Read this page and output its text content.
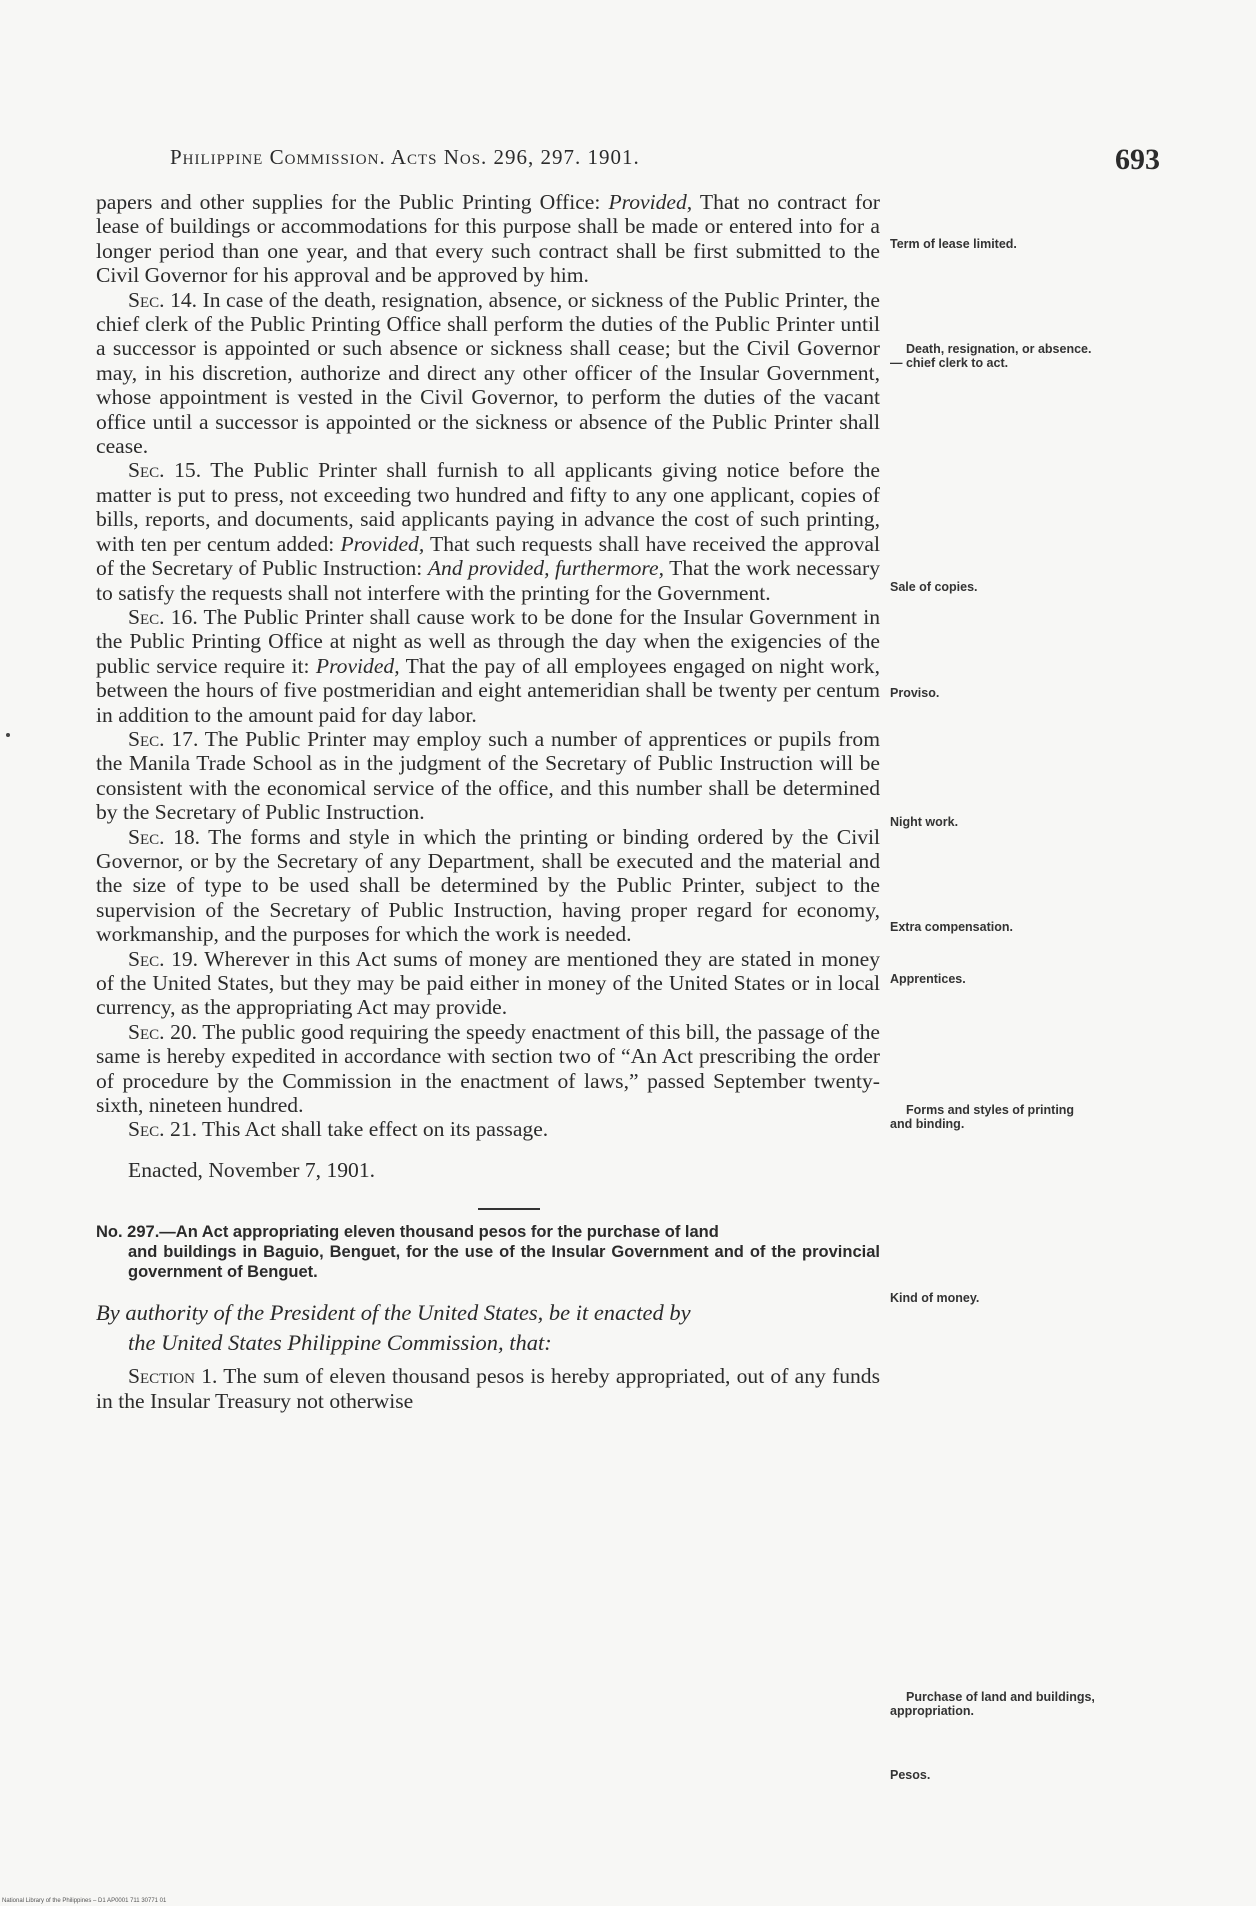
Philippine Commission. Acts Nos. 296, 297. 1901.	693

papers and other supplies for the Public Printing Office: Provided, That no contract for lease of buildings or accommodations for this purpose shall be made or entered into for a longer period than one year, and that every such contract shall be first submitted to the Civil Governor for his approval and be approved by him.

Sec. 14. In case of the death, resignation, absence, or sickness of the Public Printer, the chief clerk of the Public Printing Office shall perform the duties of the Public Printer until a successor is appointed or such absence or sickness shall cease; but the Civil Governor may, in his discretion, authorize and direct any other officer of the Insular Government, whose appointment is vested in the Civil Governor, to perform the duties of the vacant office until a successor is appointed or the sickness or absence of the Public Printer shall cease.

Sec. 15. The Public Printer shall furnish to all applicants giving notice before the matter is put to press, not exceeding two hundred and fifty to any one applicant, copies of bills, reports, and documents, said applicants paying in advance the cost of such printing, with ten per centum added: Provided, That such requests shall have received the approval of the Secretary of Public Instruction: And provided, furthermore, That the work necessary to satisfy the requests shall not interfere with the printing for the Government.

Sec. 16. The Public Printer shall cause work to be done for the Insular Government in the Public Printing Office at night as well as through the day when the exigencies of the public service require it: Provided, That the pay of all employees engaged on night work, between the hours of five postmeridian and eight antemeridian shall be twenty per centum in addition to the amount paid for day labor.

Sec. 17. The Public Printer may employ such a number of apprentices or pupils from the Manila Trade School as in the judgment of the Secretary of Public Instruction will be consistent with the economical service of the office, and this number shall be determined by the Secretary of Public Instruction.

Sec. 18. The forms and style in which the printing or binding ordered by the Civil Governor, or by the Secretary of any Department, shall be executed and the material and the size of type to be used shall be determined by the Public Printer, subject to the supervision of the Secretary of Public Instruction, having proper regard for economy, workmanship, and the purposes for which the work is needed.

Sec. 19. Wherever in this Act sums of money are mentioned they are stated in money of the United States, but they may be paid either in money of the United States or in local currency, as the appropriating Act may provide.

Sec. 20. The public good requiring the speedy enactment of this bill, the passage of the same is hereby expedited in accordance with section two of “An Act prescribing the order of procedure by the Commission in the enactment of laws,” passed September twenty-sixth, nineteen hundred.

Sec. 21. This Act shall take effect on its passage.

Enacted, November 7, 1901.

No. 297.—An Act appropriating eleven thousand pesos for the purchase of land
and buildings in Baguio, Benguet, for the use of the Insular Government and of the provincial government of Benguet.

By authority of the President of the United States, be it enacted by
the United States Philippine Commission, that:

Section 1. The sum of eleven thousand pesos is hereby appropriated, out of any funds in the Insular Treasury not otherwise

Term of lease limited.
Death, resignation, or absence.
— chief clerk to act.
Sale of copies.
Proviso.
Night work.
Extra compensation.
Apprentices.
Forms and styles of printing and binding.
Kind of money.
Purchase of land and buildings, appropriation.
Pesos.
National Library of the Philippines – D1 AP0001 711 30771 01
